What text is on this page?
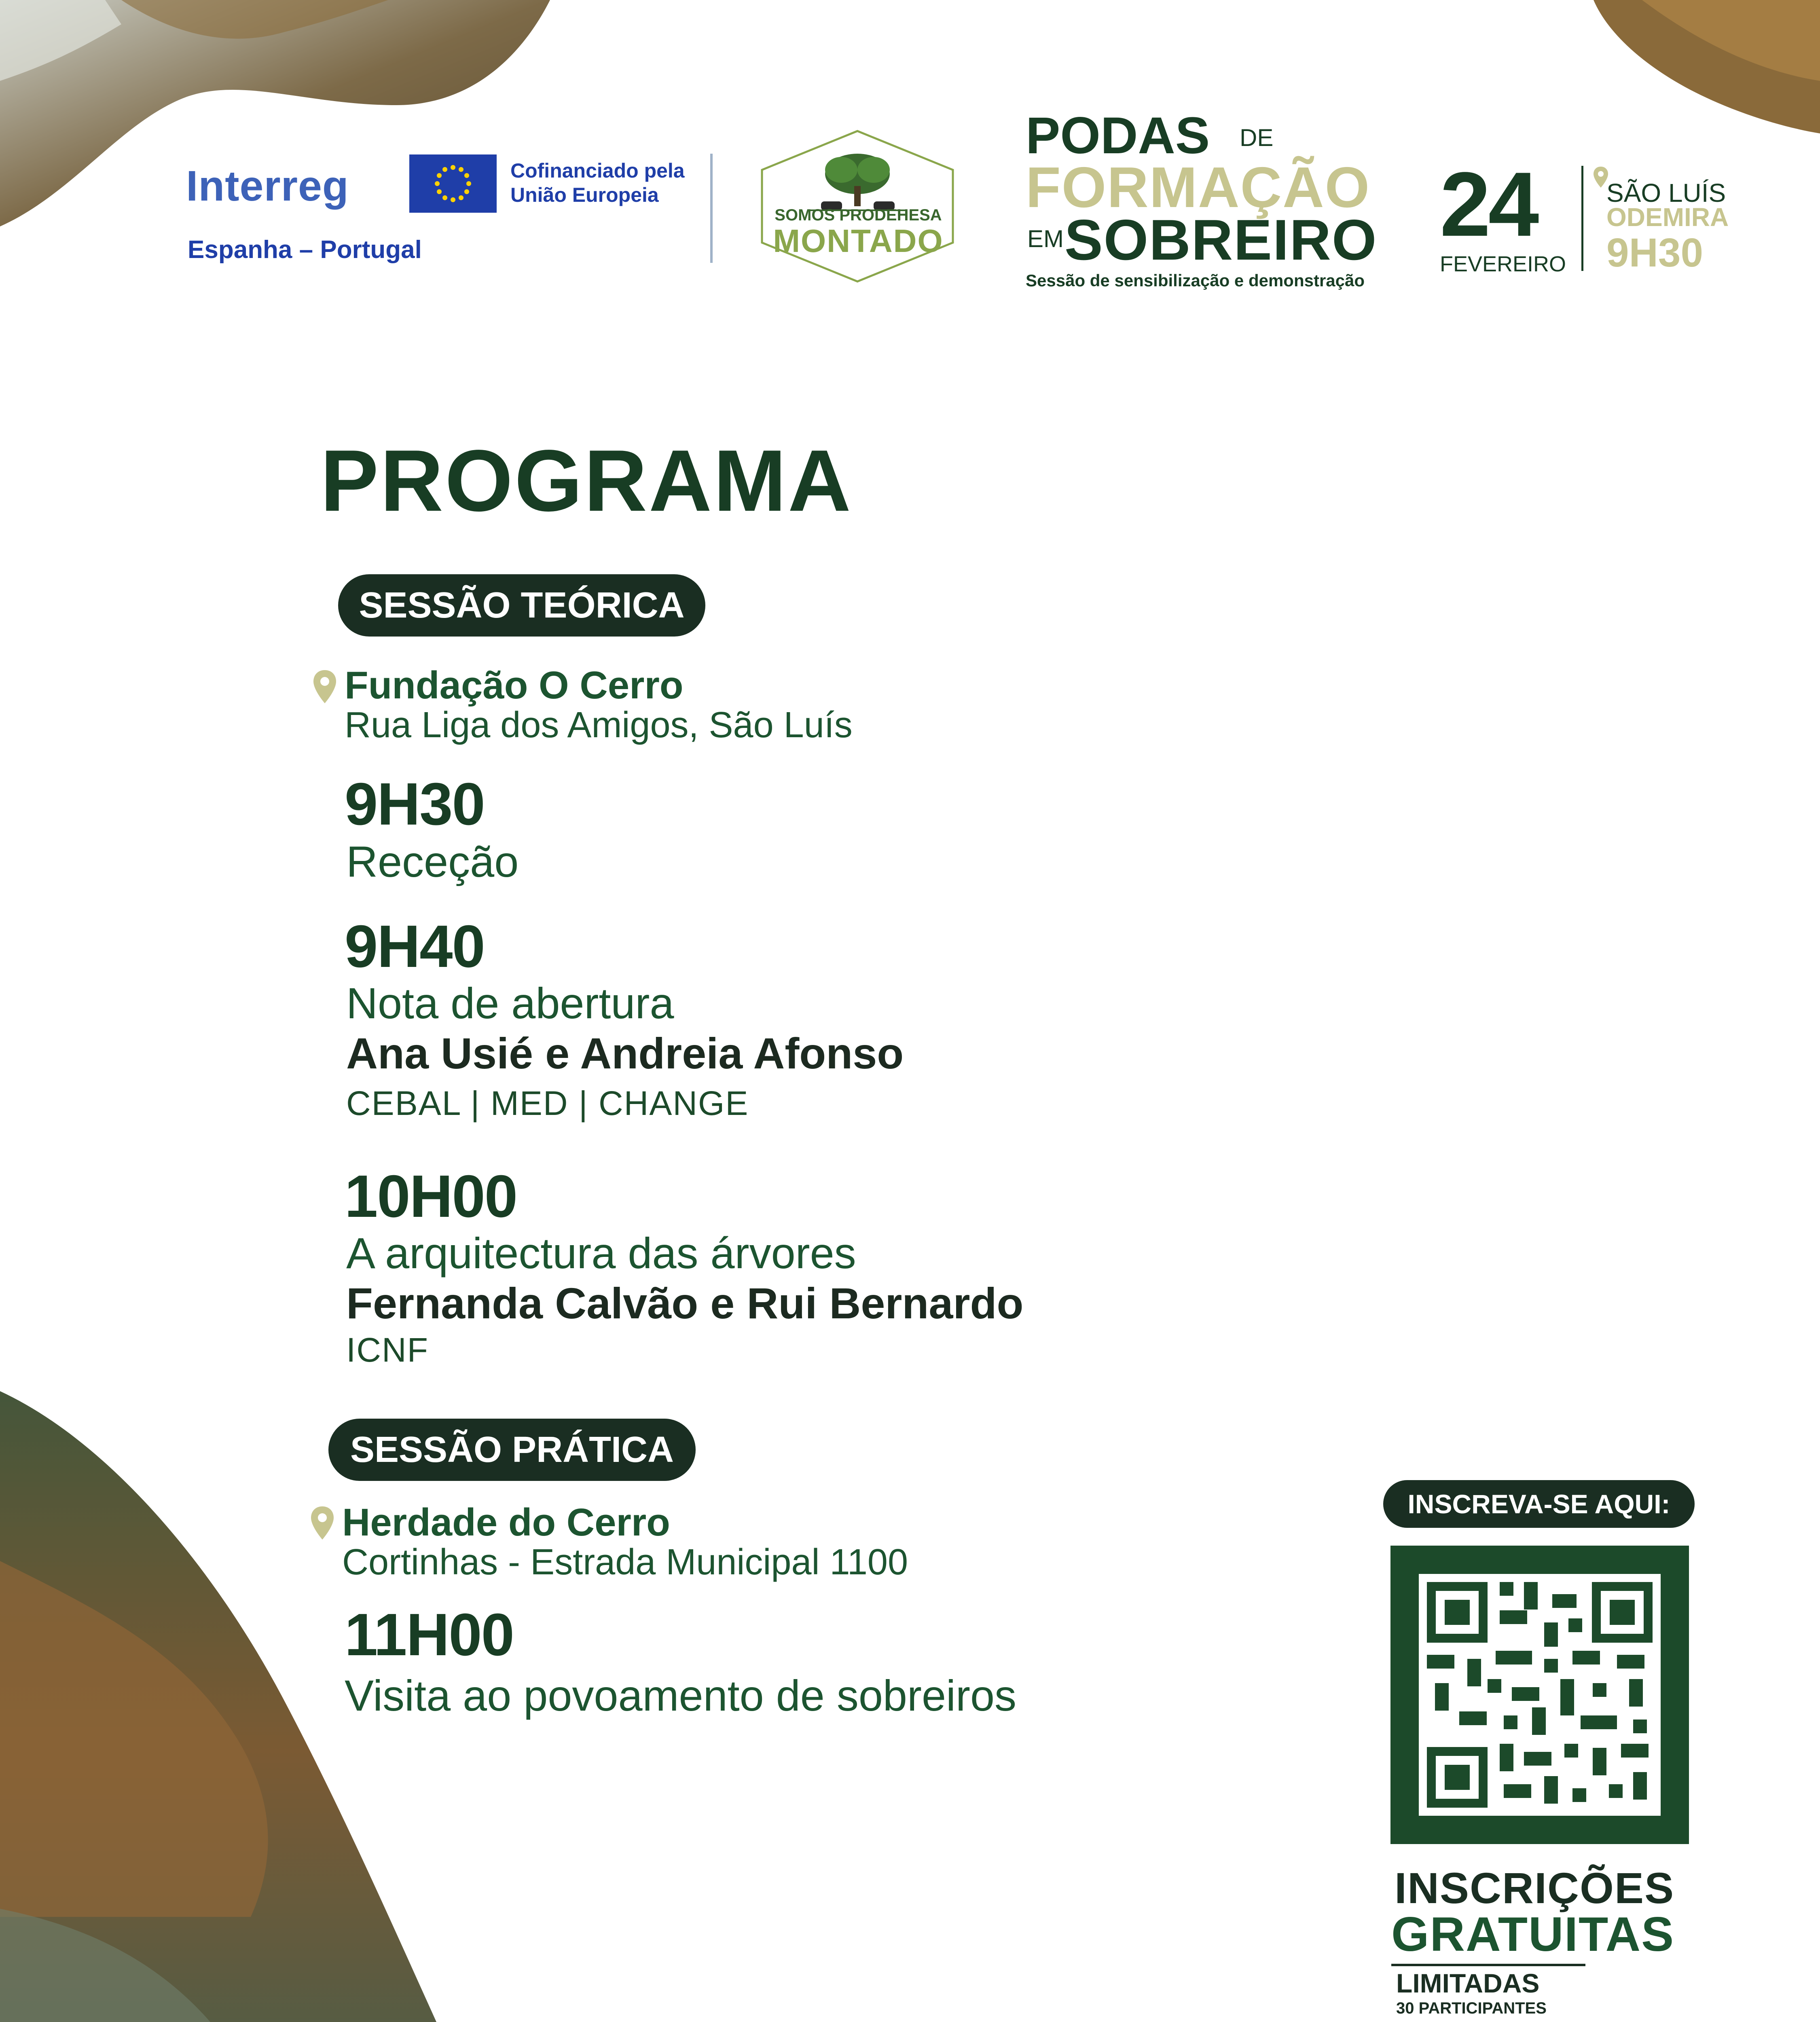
Interreg	Cofinanciado pela
União Europeia
Espanha – Portugal
SOMOS PRODEHESA
MONTADO
PODAS DE
FORMAÇÃO
EM SOBREIRO
Sessão de sensibilização e demonstração
24
FEVEREIRO
SÃO LUÍS
ODEMIRA
9H30
PROGRAMA
SESSÃO TEÓRICA
Fundação O Cerro
Rua Liga dos Amigos, São Luís
9H30
Receção
9H40
Nota de abertura
Ana Usié e Andreia Afonso
CEBAL | MED | CHANGE
10H00
A arquitectura das árvores
Fernanda Calvão e Rui Bernardo
ICNF
SESSÃO PRÁTICA
Herdade do Cerro
Cortinhas - Estrada Municipal 1100
11H00
Visita ao povoamento de sobreiros
INSCREVA-SE AQUI:
INSCRIÇÕES
GRATUITAS
LIMITADAS
30 PARTICIPANTES
